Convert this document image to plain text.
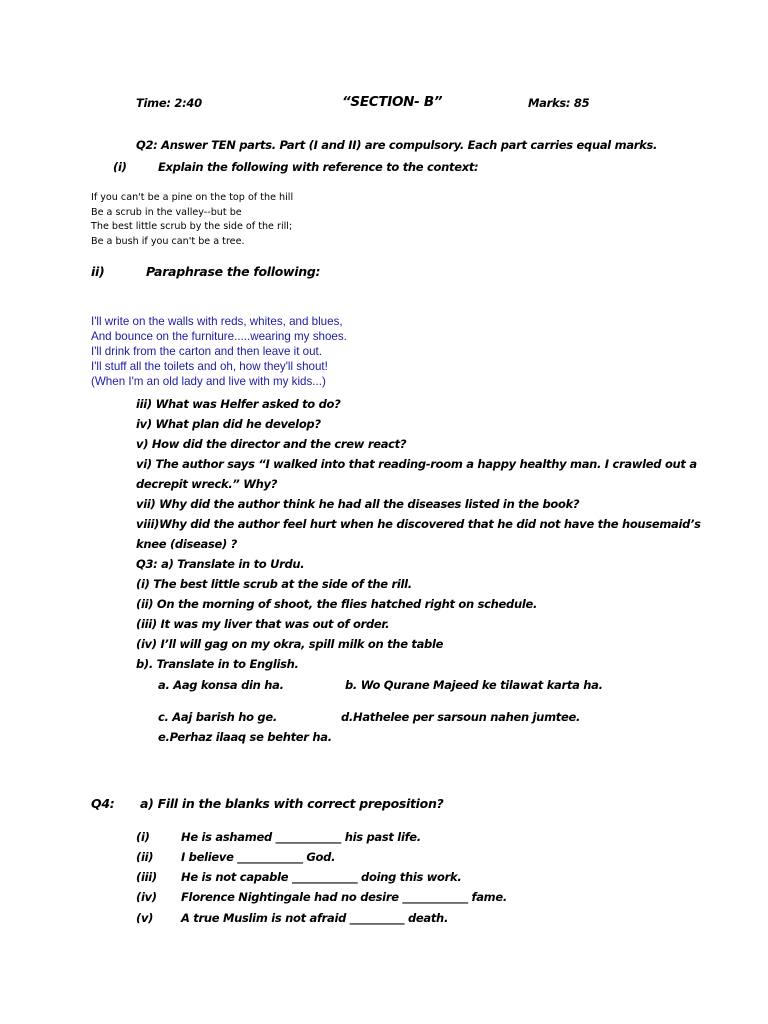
Time: 2:40	“SECTION- B”	Marks: 85
Q2: Answer TEN parts. Part (I and II) are compulsory. Each part carries equal marks.
(i)	Explain the following with reference to the context:
If you can't be a pine on the top of the hill
Be a scrub in the valley--but be
The best little scrub by the side of the rill;
Be a bush if you can't be a tree.
ii)	Paraphrase the following:
I'll write on the walls with reds, whites, and blues,
And bounce on the furniture.....wearing my shoes.
I'll drink from the carton and then leave it out.
I'll stuff all the toilets and oh, how they'll shout!
(When I'm an old lady and live with my kids...)
iii) What was Helfer asked to do?
iv) What plan did he develop?
v) How did the director and the crew react?
vi) The author says “I walked into that reading-room a happy healthy man. I crawled out a
decrepit wreck.” Why?
vii) Why did the author think he had all the diseases listed in the book?
viii)Why did the author feel hurt when he discovered that he did not have the housemaid’s
knee (disease) ?
Q3: a) Translate in to Urdu.
(i) The best little scrub at the side of the rill.
(ii) On the morning of shoot, the flies hatched right on schedule.
(iii) It was my liver that was out of order.
(iv) I’ll will gag on my okra, spill milk on the table
b). Translate in to English.
a. Aag konsa din ha.	b. Wo Qurane Majeed ke tilawat karta ha.
c. Aaj barish ho ge.	d.Hathelee per sarsoun nahen jumtee.
e.Perhaz ilaaq se behter ha.
Q4: a) Fill in the blanks with correct preposition?
(i)	He is ashamed ____________ his past life.
(ii) I believe ____________ God.
(iii) He is not capable ____________ doing this work.
(iv) Florence Nightingale had no desire ____________ fame.
(v) A true Muslim is not afraid __________ death.
